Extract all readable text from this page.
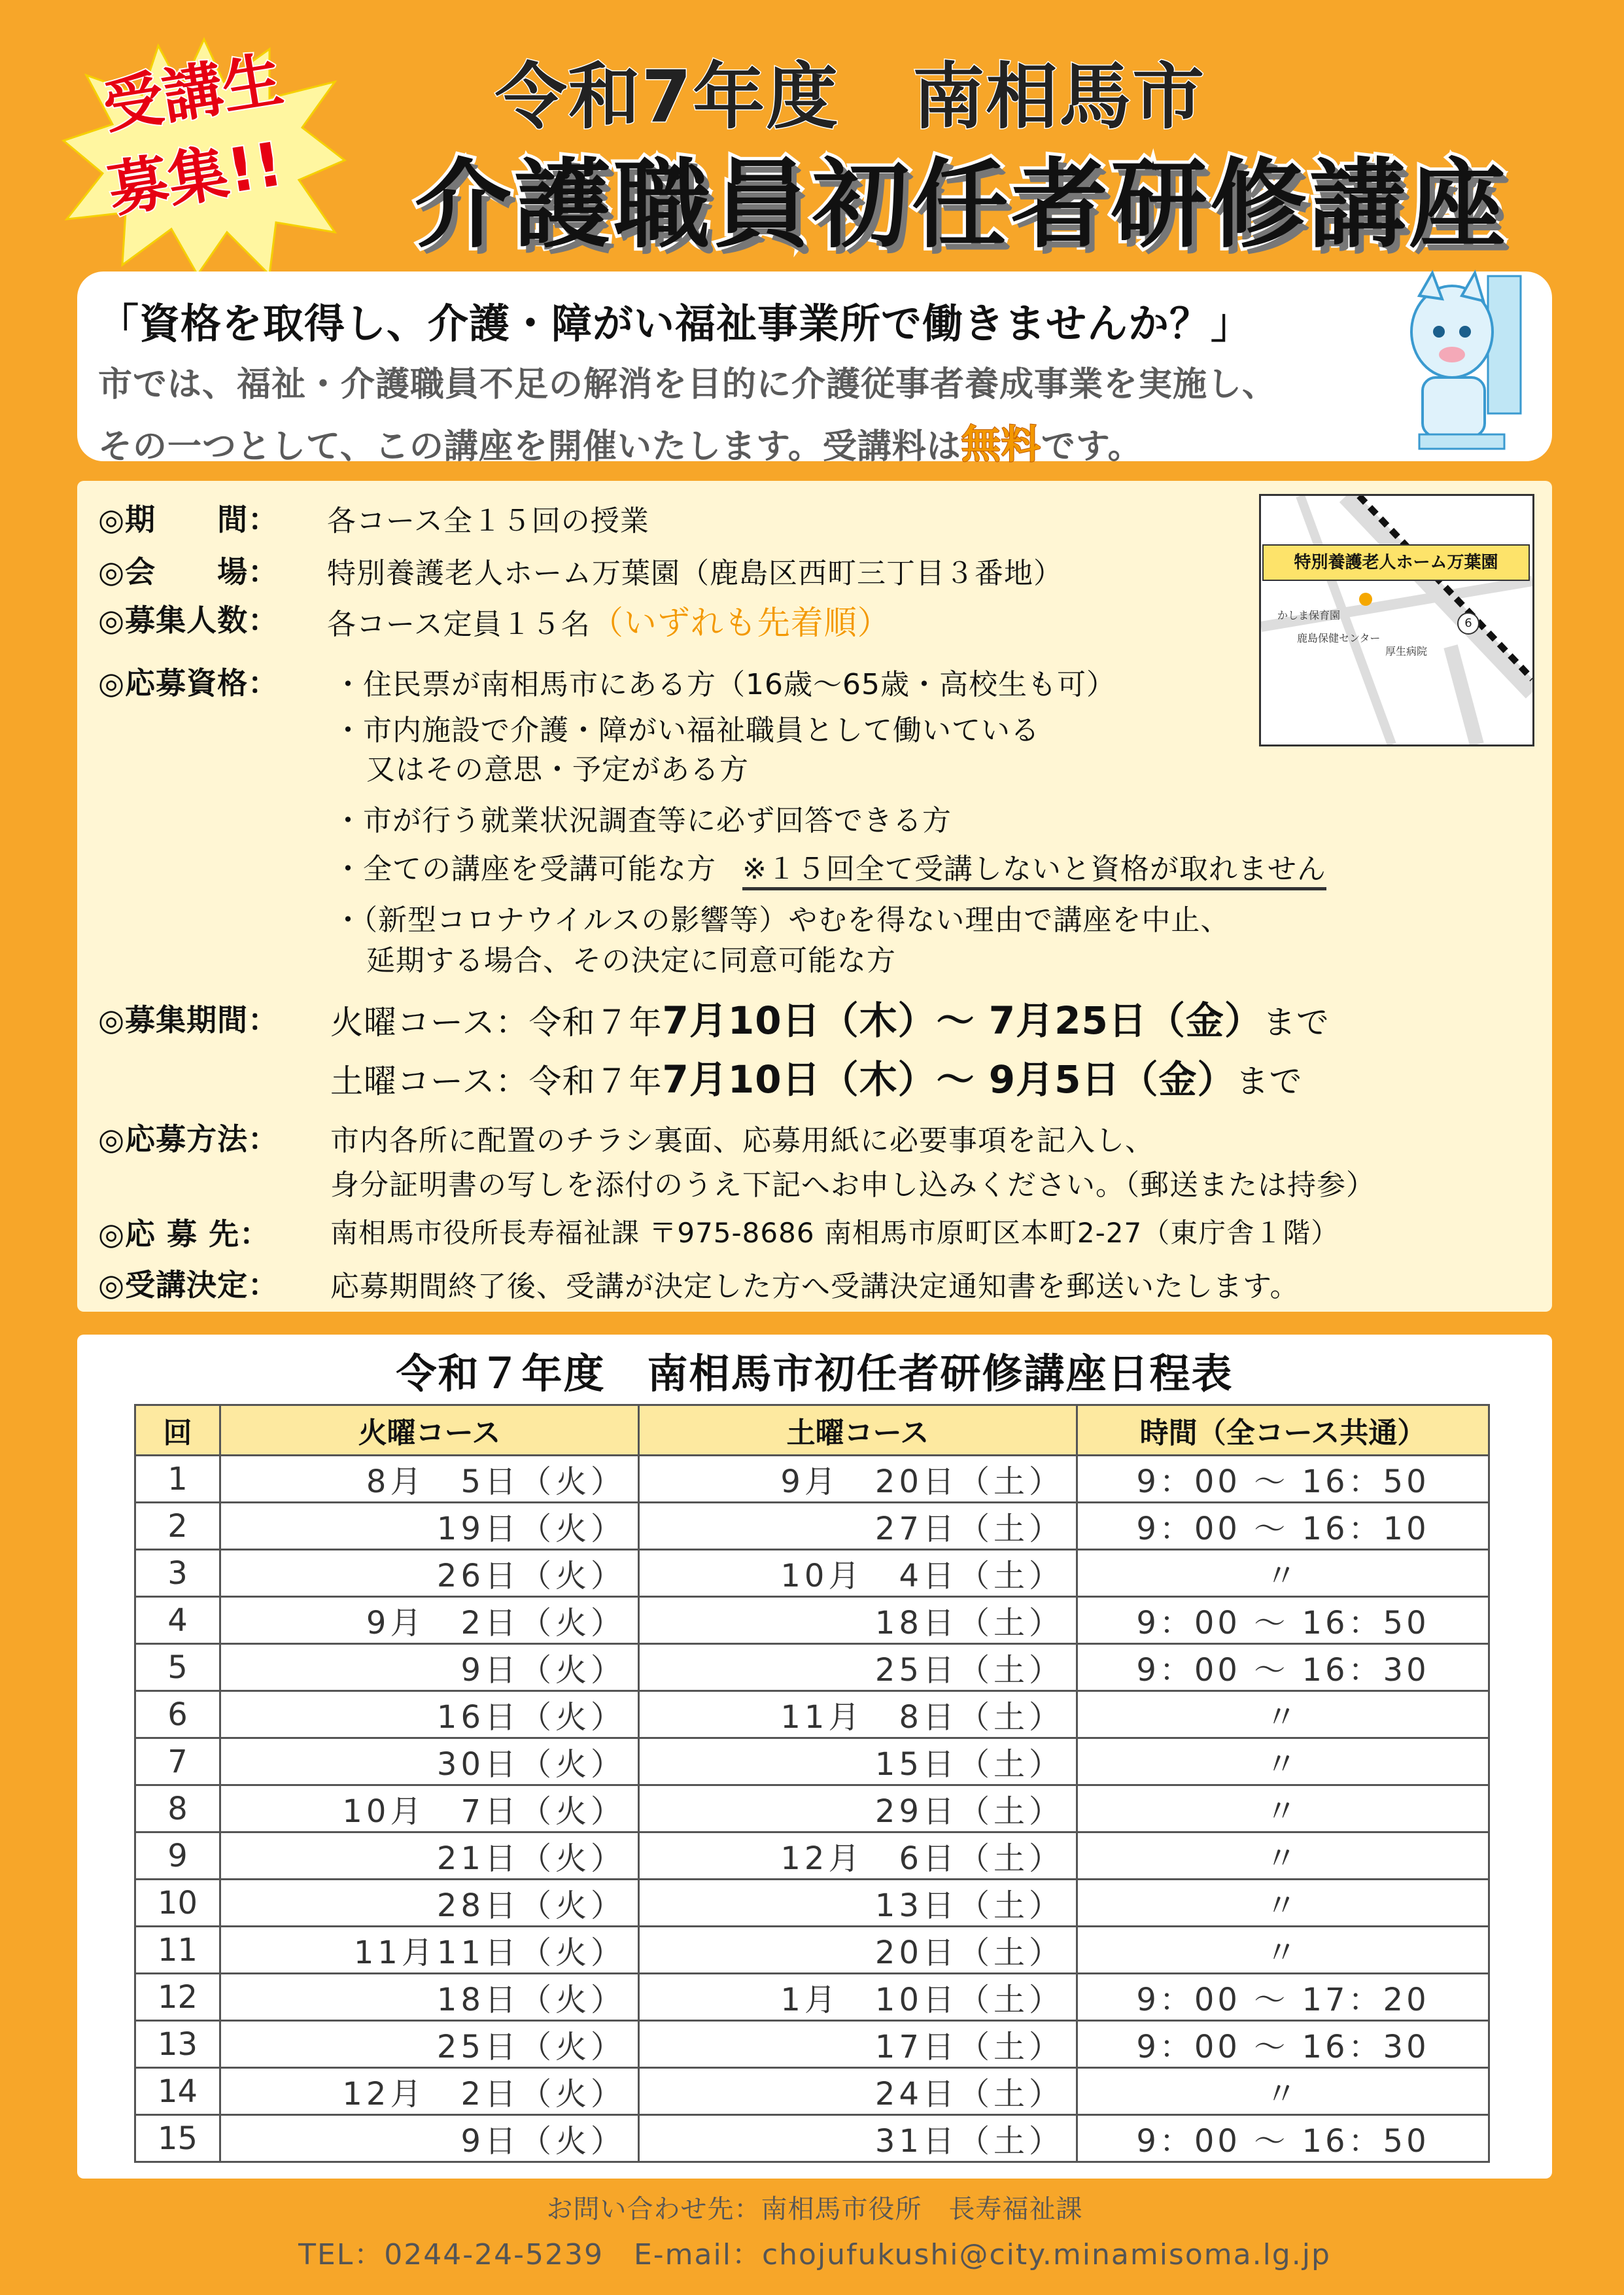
受講生
募集!!
令和7年度　南相馬市
介護職員初任者研修講座
「資格を取得し、介護・障がい福祉事業所で働きませんか？」
市では、福祉・介護職員不足の解消を目的に介護従事者養成事業を実施し、
その一つとして、この講座を開催いたします。受講料は無料です。
◎期　　間： 各コース全１５回の授業
◎会　　場： 特別養護老人ホーム万葉園（鹿島区西町三丁目３番地）
◎募集人数： 各コース定員１５名（いずれも先着順）
◎応募資格： ・住民票が南相馬市にある方（16歳～65歳・高校生も可）
・市内施設で介護・障がい福祉職員として働いている
又はその意思・予定がある方
・市が行う就業状況調査等に必ず回答できる方
・全ての講座を受講可能な方 ※１５回全て受講しないと資格が取れません
・（新型コロナウイルスの影響等）やむを得ない理由で講座を中止、
延期する場合、その決定に同意可能な方
◎募集期間： 火曜コース：令和７年7月10日（木）～ 7月25日（金）まで
土曜コース：令和７年7月10日（木）～ 9月5日（金）まで
◎応募方法： 市内各所に配置のチラシ裏面、応募用紙に必要事項を記入し、
身分証明書の写しを添付のうえ下記へお申し込みください。（郵送または持参）
◎応 募 先： 南相馬市役所長寿福祉課 〒975-8686 南相馬市原町区本町2-27（東庁舎１階）
◎受講決定： 応募期間終了後、受講が決定した方へ受講決定通知書を郵送いたします。
かしま保育園
鹿島保健センター
厚生病院
6
特別養護老人ホーム万葉園
令和７年度　南相馬市初任者研修講座日程表
回	火曜コース	土曜コース	時間（全コース共通）
1	8月　5日（火）	9月　20日（土）	9：00 ～ 16：50
2	19日（火）	27日（土）	9：00 ～ 16：10
3	26日（火）	10月　4日（土）	〃
4	9月　2日（火）	18日（土）	9：00 ～ 16：50
5	9日（火）	25日（土）	9：00 ～ 16：30
6	16日（火）	11月　8日（土）	〃
7	30日（火）	15日（土）	〃
8	10月　7日（火）	29日（土）	〃
9	21日（火）	12月　6日（土）	〃
10	28日（火）	13日（土）	〃
11	11月11日（火）	20日（土）	〃
12	18日（火）	1月　10日（土）	9：00 ～ 17：20
13	25日（火）	17日（土）	9：00 ～ 16：30
14	12月　2日（火）	24日（土）	〃
15	9日（火）	31日（土）	9：00 ～ 16：50
お問い合わせ先：南相馬市役所　長寿福祉課
TEL：0244-24-5239　E-mail：chojufukushi@city.minamisoma.lg.jp
